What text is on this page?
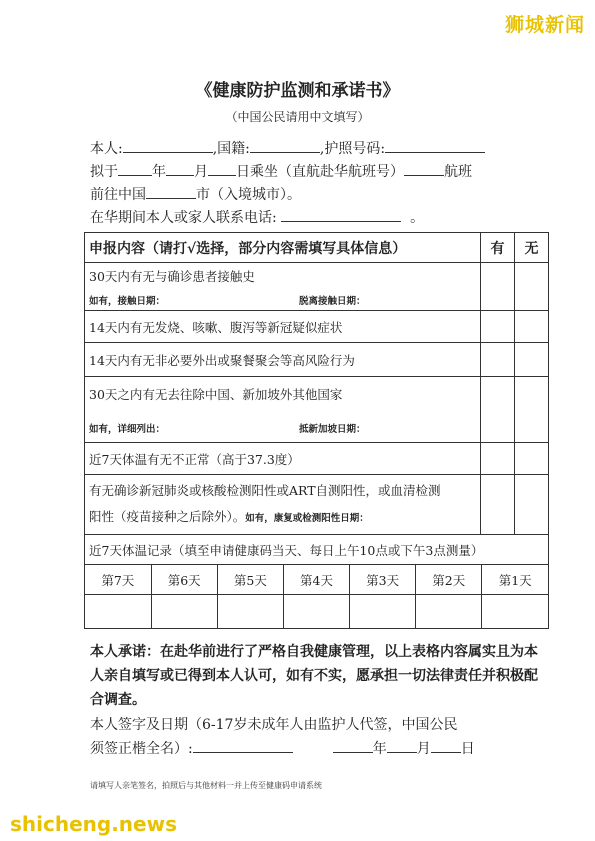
狮城新闻
《健康防护监测和承诺书》
（中国公民请用中文填写）
本人:	,国籍:	,护照号码:
拟于 年 月 日乘坐（直航赴华航班号）	航班
前往中国	市（入境城市）。
在华期间本人或家人联系电话:	。
申报内容（请打√选择，部分内容需填写具体信息）	有	无

30天内有无与确诊患者接触史
如有，接触日期：	脱离接触日期：

14天内有无发烧、咳嗽、腹泻等新冠疑似症状		
14天内有无非必要外出或聚餐聚会等高风险行为		

30天之内有无去往除中国、新加坡外其他国家
如有，详细列出：	抵新加坡日期：

近7天体温有无不正常（高于37.3度）		

有无确诊新冠肺炎或核酸检测阳性或ART自测阳性，或血清检测
阳性（疫苗接种之后除外）。如有，康复或检测阳性日期：

近7天体温记录（填至申请健康码当天、每日上午10点或下午3点测量）

第7天	第6天	第5天	第4天	第3天	第2天	第1天

本人承诺：在赴华前进行了严格自我健康管理，以上表格内容属实且为本人亲自填写或已得到本人认可，如有不实，愿承担一切法律责任并积极配合调查。
本人签字及日期（6-17岁未成年人由监护人代签，中国公民
须签正楷全名）:	年 月 日
请填写人亲笔签名，拍照后与其他材料一并上传至健康码申请系统
shicheng.news
